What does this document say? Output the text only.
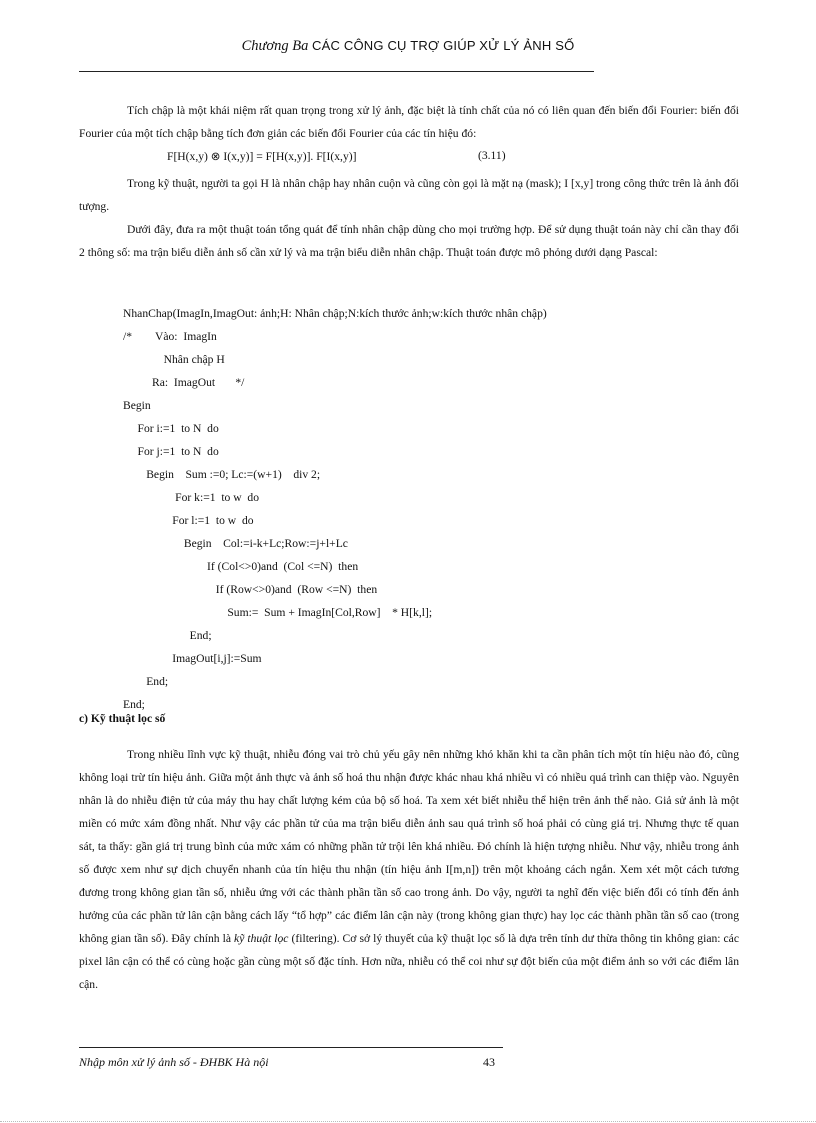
Chương Ba CÁC CÔNG CỤ TRỢ GIÚP XỬ LÝ ẢNH SỐ

Tích chập là một khái niệm rất quan trọng trong xử lý ảnh, đặc biệt là tính chất của nó có liên quan đến biến đổi Fourier: biến đổi Fourier của một tích chập bằng tích đơn giản các biến đổi Fourier của các tín hiệu đó:

F[H(x,y) ⊗ I(x,y)] = F[H(x,y)]. F[I(x,y)]	(3.11)

Trong kỹ thuật, người ta gọi H là nhân chập hay nhân cuộn và cũng còn gọi là mặt nạ (mask); I [x,y] trong công thức trên là ảnh đối tượng.

Dưới đây, đưa ra một thuật toán tổng quát để tính nhân chập dùng cho mọi trường hợp. Để sử dụng thuật toán này chỉ cần thay đổi 2 thông số: ma trận biểu diễn ảnh số cần xử lý và ma trận biểu diễn nhân chập. Thuật toán được mô phỏng dưới dạng Pascal:

NhanChap(ImagIn,ImagOut: ảnh;H: Nhân chập;N:kích thước ảnh;w:kích thước nhân chập)
/*        Vào:  ImagIn
Nhân chập H
Ra:  ImagOut       */
Begin
For i:=1  to N  do
For j:=1  to N  do
Begin    Sum :=0; Lc:=(w+1)    div 2;
For k:=1  to w  do
For l:=1  to w  do
Begin    Col:=i-k+Lc;Row:=j+l+Lc
If (Col<>0)and  (Col <=N)  then
If (Row<>0)and  (Row <=N)  then
Sum:=  Sum + ImagIn[Col,Row]    * H[k,l];
End;
ImagOut[i,j]:=Sum
End;
End;
c) Kỹ thuật lọc số

Trong nhiều lĩnh vực kỹ thuật, nhiễu đóng vai trò chủ yếu gây nên những khó khăn khi ta cần phân tích một tín hiệu nào đó, cũng không loại trừ tín hiệu ảnh. Giữa một ảnh thực và ảnh số hoá thu nhận được khác nhau khá nhiều vì có nhiều quá trình can thiệp vào. Nguyên nhân là do nhiễu điện tử của máy thu hay chất lượng kém của bộ số hoá. Ta xem xét biết nhiễu thể hiện trên ảnh thế nào. Giả sử ảnh là một miền có mức xám đồng nhất. Như vậy các phần tử của ma trận biểu diễn ảnh sau quá trình số hoá phải có cùng giá trị. Nhưng thực tế quan sát, ta thấy: gần giá trị trung bình của mức xám có những phần tử trội lên khá nhiều. Đó chính là hiện tượng nhiễu. Như vậy, nhiễu trong ảnh số được xem như sự dịch chuyển nhanh của tín hiệu thu nhận (tín hiệu ảnh I[m,n]) trên một khoảng cách ngắn. Xem xét một cách tương đương trong không gian tần số, nhiễu ứng với các thành phần tần số cao trong ảnh. Do vậy, người ta nghĩ đến việc biến đổi có tính đến ảnh hưởng của các phần tử lân cận bằng cách lấy “tổ hợp” các điểm lân cận này (trong không gian thực) hay lọc các thành phần tần số cao (trong không gian tần số). Đây chính là kỹ thuật lọc (filtering). Cơ sở lý thuyết của kỹ thuật lọc số là dựa trên tính dư thừa thông tin không gian: các pixel lân cận có thể có cùng hoặc gần cùng một số đặc tính. Hơn nữa, nhiễu có thể coi như sự đột biến của một điểm ảnh so với các điểm lân cận.

Nhập môn xử lý ảnh số - ĐHBK Hà nội	43
